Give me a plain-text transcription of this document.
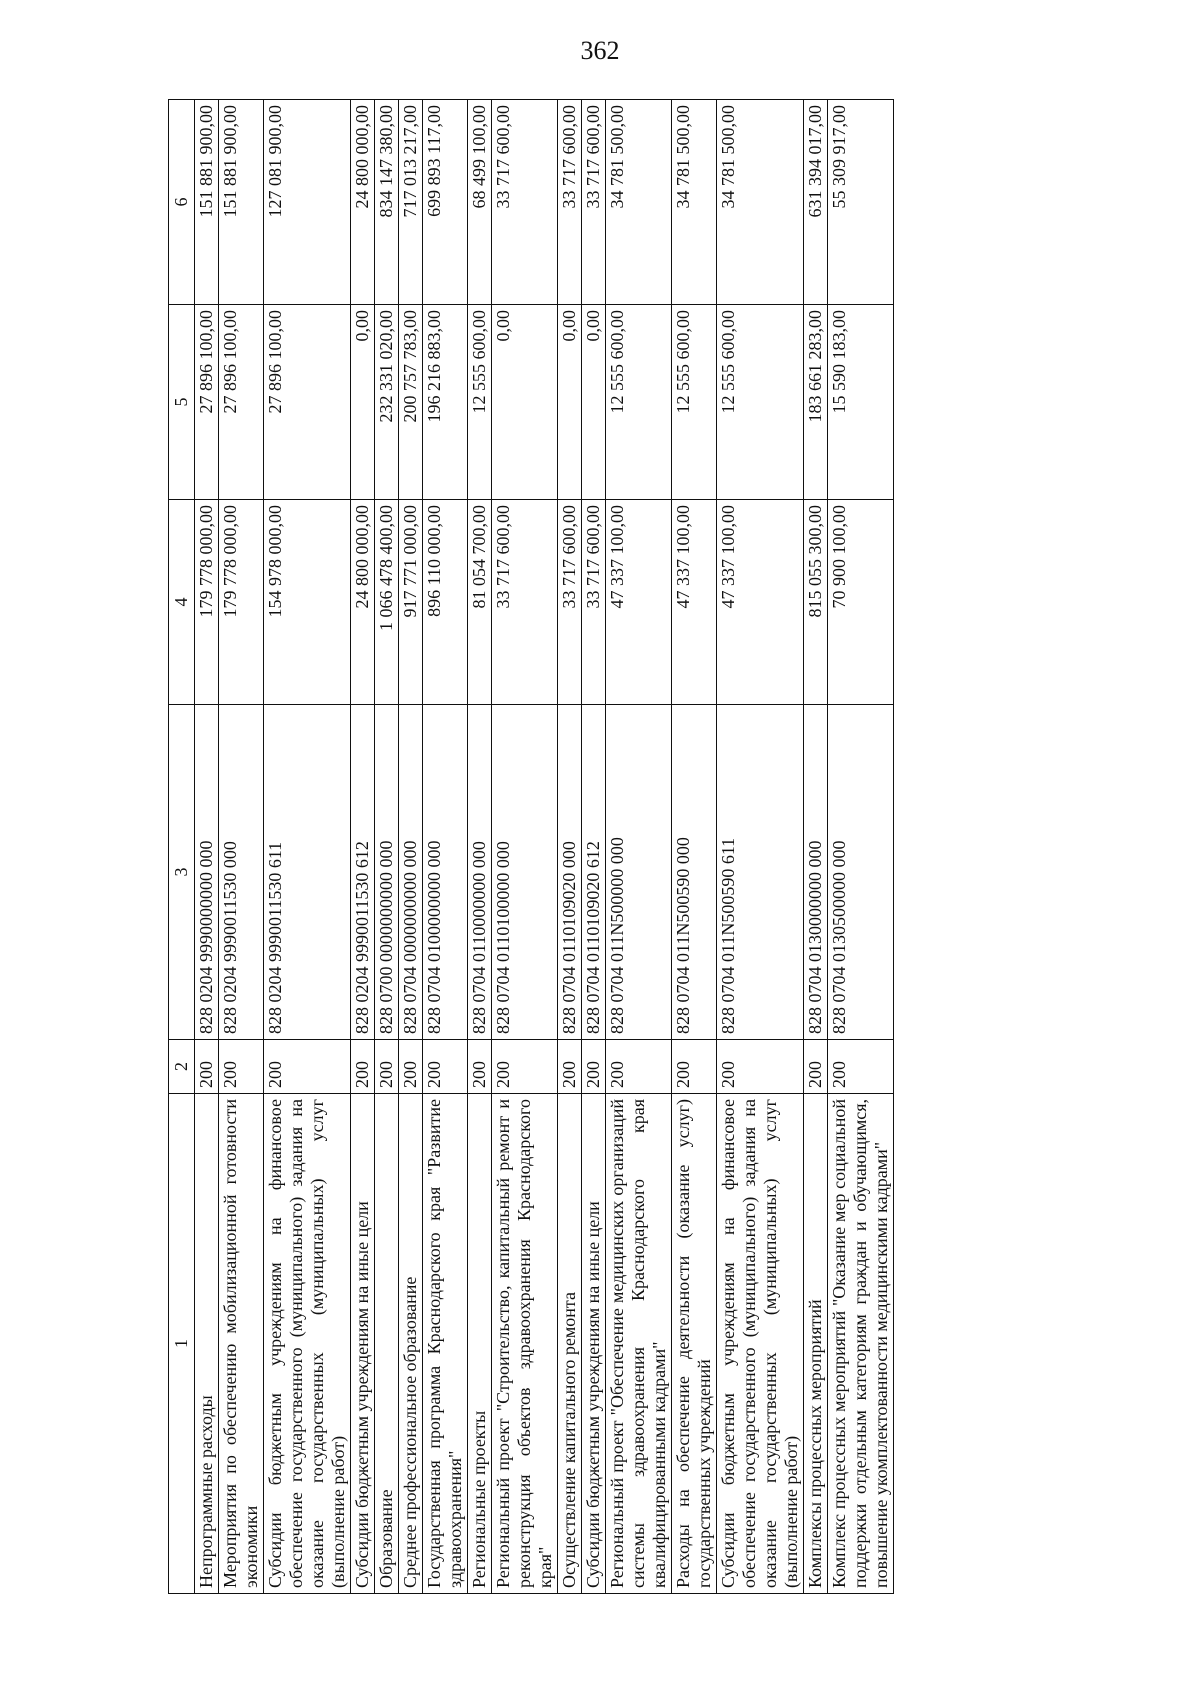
362
1	2	3	4	5	6
Непрограммные расходы	200	828 0204 9990000000 000	179 778 000,00	27 896 100,00	151 881 900,00
Мероприятия по обеспечению мобилизационной готовности экономики	200	828 0204 9990011530 000	179 778 000,00	27 896 100,00	151 881 900,00
Субсидии бюджетным учреждениям на финансовое обеспечение государственного (муниципального) задания на оказание государственных (муниципальных) услуг (выполнение работ)	200	828 0204 9990011530 611	154 978 000,00	27 896 100,00	127 081 900,00
Субсидии бюджетным учреждениям на иные цели	200	828 0204 9990011530 612	24 800 000,00	0,00	24 800 000,00
Образование	200	828 0700 0000000000 000	1 066 478 400,00	232 331 020,00	834 147 380,00
Среднее профессиональное образование	200	828 0704 0000000000 000	917 771 000,00	200 757 783,00	717 013 217,00
Государственная программа Краснодарского края "Развитие здравоохранения"	200	828 0704 0100000000 000	896 110 000,00	196 216 883,00	699 893 117,00
Региональные проекты	200	828 0704 0110000000 000	81 054 700,00	12 555 600,00	68 499 100,00
Региональный проект "Строительство, капитальный ремонт и реконструкция объектов здравоохранения Краснодарского края"	200	828 0704 0110100000 000	33 717 600,00	0,00	33 717 600,00
Осуществление капитального ремонта	200	828 0704 0110109020 000	33 717 600,00	0,00	33 717 600,00
Субсидии бюджетным учреждениям на иные цели	200	828 0704 0110109020 612	33 717 600,00	0,00	33 717 600,00
Региональный проект "Обеспечение медицинских организаций системы здравоохранения Краснодарского края квалифицированными кадрами"	200	828 0704 011N500000 000	47 337 100,00	12 555 600,00	34 781 500,00
Расходы на обеспечение деятельности (оказание услуг) государственных учреждений	200	828 0704 011N500590 000	47 337 100,00	12 555 600,00	34 781 500,00
Субсидии бюджетным учреждениям на финансовое обеспечение государственного (муниципального) задания на оказание государственных (муниципальных) услуг (выполнение работ)	200	828 0704 011N500590 611	47 337 100,00	12 555 600,00	34 781 500,00
Комплексы процессных мероприятий	200	828 0704 0130000000 000	815 055 300,00	183 661 283,00	631 394 017,00
Комплекс процессных мероприятий "Оказание мер социальной поддержки отдельным категориям граждан и обучающимся, повышение укомплектованности медицинскими кадрами"	200	828 0704 0130500000 000	70 900 100,00	15 590 183,00	55 309 917,00
